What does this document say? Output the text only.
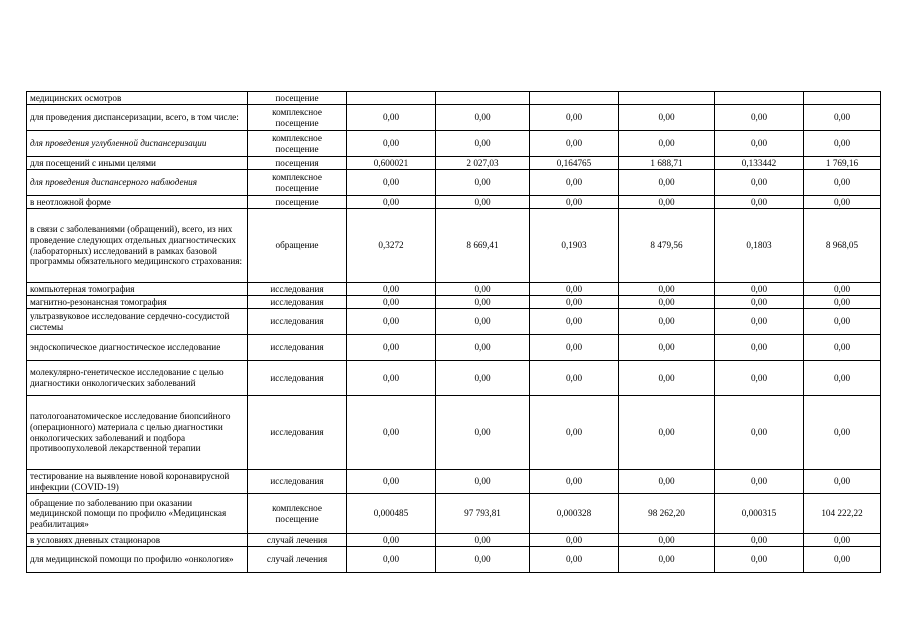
медицинских осмотров	посещение						
для проведения диспансеризации, всего, в том числе:	комплексное посещение	0,00	0,00	0,00	0,00	0,00	0,00
для проведения углубленной диспансеризации	комплексное посещение	0,00	0,00	0,00	0,00	0,00	0,00
для посещений с иными целями	посещения	0,600021	2 027,03	0,164765	1 688,71	0,133442	1 769,16
для проведения диспансерного наблюдения	комплексное посещение	0,00	0,00	0,00	0,00	0,00	0,00
в неотложной форме	посещение	0,00	0,00	0,00	0,00	0,00	0,00
в связи с заболеваниями (обращений), всего, из них проведение следующих отдельных диагностических (лабораторных) исследований в рамках базовой программы обязательного медицинского страхования:	обращение	0,3272	8 669,41	0,1903	8 479,56	0,1803	8 968,05
компьютерная томография	исследования	0,00	0,00	0,00	0,00	0,00	0,00
магнитно-резонансная томография	исследования	0,00	0,00	0,00	0,00	0,00	0,00
ультразвуковое исследование сердечно-сосудистой системы	исследования	0,00	0,00	0,00	0,00	0,00	0,00
эндоскопическое диагностическое исследование	исследования	0,00	0,00	0,00	0,00	0,00	0,00
молекулярно-генетическое исследование с целью диагностики онкологических заболеваний	исследования	0,00	0,00	0,00	0,00	0,00	0,00
патологоанатомическое исследование биопсийного (операционного) материала с целью диагностики онкологических заболеваний и подбора противоопухолевой лекарственной терапии	исследования	0,00	0,00	0,00	0,00	0,00	0,00
тестирование на выявление новой коронавирусной инфекции (COVID-19)	исследования	0,00	0,00	0,00	0,00	0,00	0,00
обращение по заболеванию при оказании медицинской помощи по профилю «Медицинская реабилитация»	комплексное посещение	0,000485	97 793,81	0,000328	98 262,20	0,000315	104 222,22
в условиях дневных стационаров	случай лечения	0,00	0,00	0,00	0,00	0,00	0,00
для медицинской помощи по профилю «онкология»	случай лечения	0,00	0,00	0,00	0,00	0,00	0,00
